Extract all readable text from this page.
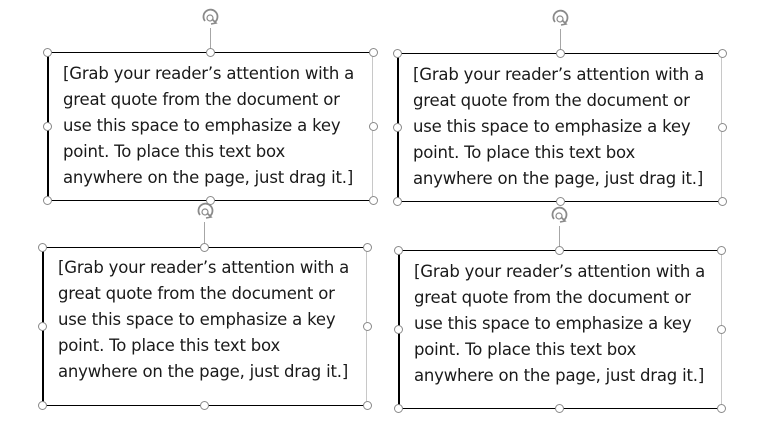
[Grab your reader’s attention with a
great quote from the document or
use this space to emphasize a key
point. To place this text box
anywhere on the page, just drag it.]
[Grab your reader’s attention with a
great quote from the document or
use this space to emphasize a key
point. To place this text box
anywhere on the page, just drag it.]
[Grab your reader’s attention with a
great quote from the document or
use this space to emphasize a key
point. To place this text box
anywhere on the page, just drag it.]
[Grab your reader’s attention with a
great quote from the document or
use this space to emphasize a key
point. To place this text box
anywhere on the page, just drag it.]
